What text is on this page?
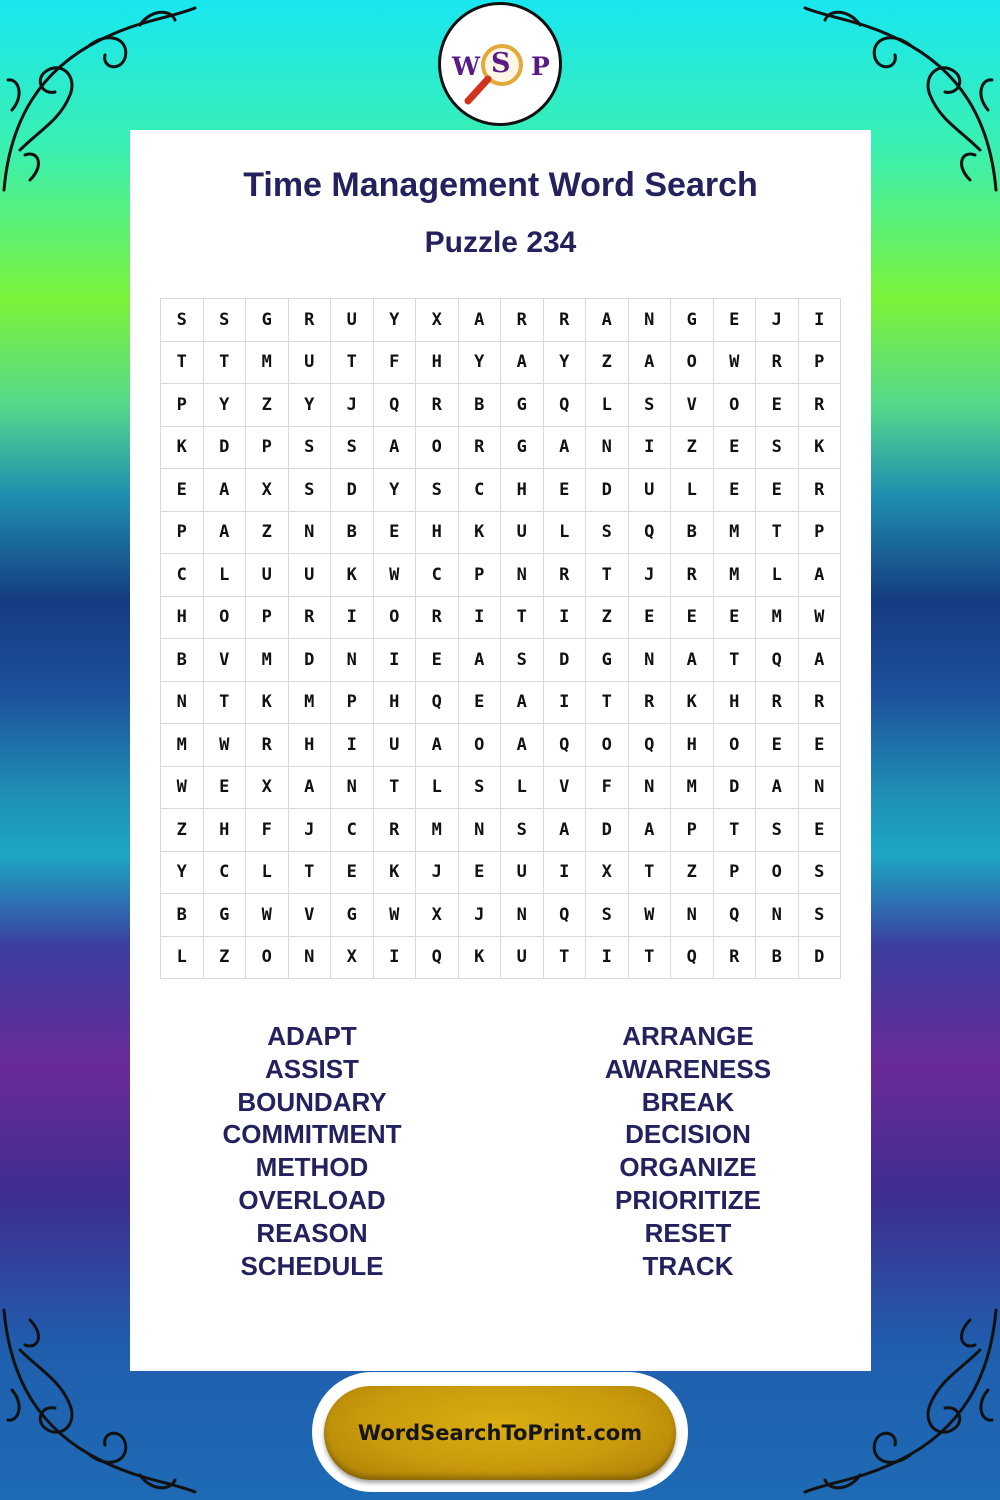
W S P
Time Management Word Search
Puzzle 234
S	S	G	R	U	Y	X	A	R	R	A	N	G	E	J	I
T	T	M	U	T	F	H	Y	A	Y	Z	A	O	W	R	P
P	Y	Z	Y	J	Q	R	B	G	Q	L	S	V	O	E	R
K	D	P	S	S	A	O	R	G	A	N	I	Z	E	S	K
E	A	X	S	D	Y	S	C	H	E	D	U	L	E	E	R
P	A	Z	N	B	E	H	K	U	L	S	Q	B	M	T	P
C	L	U	U	K	W	C	P	N	R	T	J	R	M	L	A
H	O	P	R	I	O	R	I	T	I	Z	E	E	E	M	W
B	V	M	D	N	I	E	A	S	D	G	N	A	T	Q	A
N	T	K	M	P	H	Q	E	A	I	T	R	K	H	R	R
M	W	R	H	I	U	A	O	A	Q	O	Q	H	O	E	E
W	E	X	A	N	T	L	S	L	V	F	N	M	D	A	N
Z	H	F	J	C	R	M	N	S	A	D	A	P	T	S	E
Y	C	L	T	E	K	J	E	U	I	X	T	Z	P	O	S
B	G	W	V	G	W	X	J	N	Q	S	W	N	Q	N	S
L	Z	O	N	X	I	Q	K	U	T	I	T	Q	R	B	D
ADAPT
ASSIST
BOUNDARY
COMMITMENT
METHOD
OVERLOAD
REASON
SCHEDULE
ARRANGE
AWARENESS
BREAK
DECISION
ORGANIZE
PRIORITIZE
RESET
TRACK
WordSearchToPrint.com
